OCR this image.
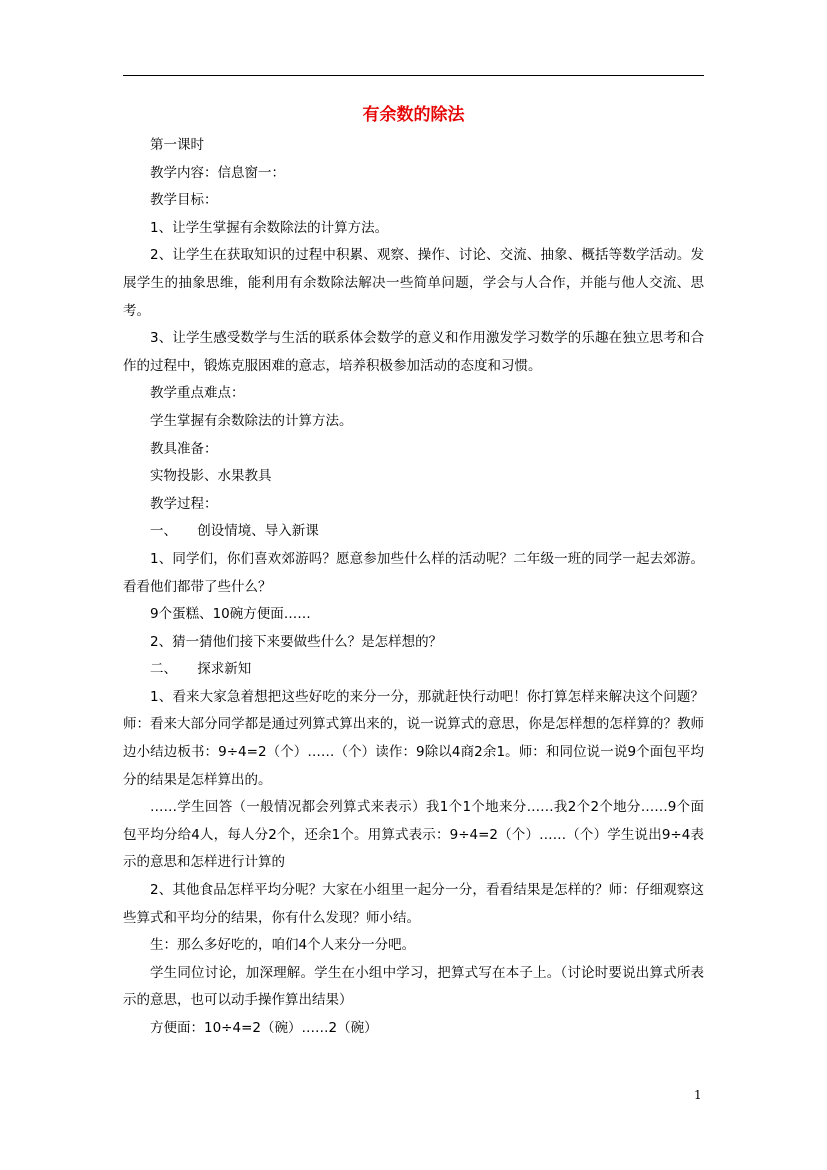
有余数的除法

第一课时

教学内容：信息窗一：

教学目标：

1、让学生掌握有余数除法的计算方法。

2、让学生在获取知识的过程中积累、观察、操作、讨论、交流、抽象、概括等数学活动。发展学生的抽象思维，能利用有余数除法解决一些简单问题，学会与人合作，并能与他人交流、思考。

3、让学生感受数学与生活的联系体会数学的意义和作用激发学习数学的乐趣在独立思考和合作的过程中，锻炼克服困难的意志，培养积极参加活动的态度和习惯。

教学重点难点：

学生掌握有余数除法的计算方法。

教具准备：

实物投影、水果教具

教学过程：

一、　　创设情境、导入新课

1、同学们，你们喜欢郊游吗？愿意参加些什么样的活动呢？二年级一班的同学一起去郊游。看看他们都带了些什么？

9个蛋糕、10碗方便面……

2、猜一猜他们接下来要做些什么？是怎样想的？

二、　　探求新知

1、看来大家急着想把这些好吃的来分一分，那就赶快行动吧！你打算怎样来解决这个问题？师：看来大部分同学都是通过列算式算出来的，说一说算式的意思，你是怎样想的怎样算的？教师边小结边板书：9÷4=2（个）……（个）读作：9除以4商2余1。师：和同位说一说9个面包平均分的结果是怎样算出的。

……学生回答（一般情况都会列算式来表示）我1个1个地来分……我2个2个地分……9个面包平均分给4人，每人分2个，还余1个。用算式表示：9÷4=2（个）……（个）学生说出9÷4表示的意思和怎样进行计算的

2、其他食品怎样平均分呢？大家在小组里一起分一分，看看结果是怎样的？师：仔细观察这些算式和平均分的结果，你有什么发现？师小结。

生：那么多好吃的，咱们4个人来分一分吧。

学生同位讨论，加深理解。学生在小组中学习，把算式写在本子上。（讨论时要说出算式所表示的意思，也可以动手操作算出结果）

方便面：10÷4=2（碗）……2（碗）

1
